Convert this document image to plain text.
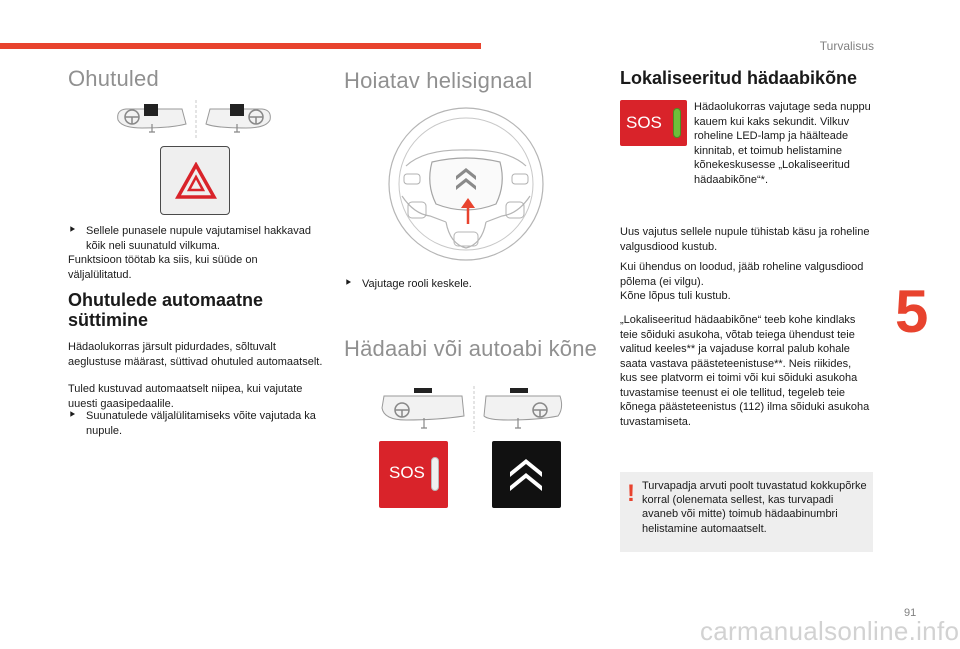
Turvalisus
5
Ohutuled
⯈ Sellele punasele nupule vajutamisel hakkavad kõik neli suunatuld vilkuma.
Funktsioon töötab ka siis, kui süüde on väljalülitatud.
Ohutulede automaatne
süttimine
Hädaolukorras järsult pidurdades, sõltuvalt aeglustuse määrast, süttivad ohutuled automaatselt.
Tuled kustuvad automaatselt niipea, kui vajutate uuesti gaasipedaalile.
⯈ Suunatulede väljalülitamiseks võite vajutada ka nupule.
Hoiatav helisignaal
⯈ Vajutage rooli keskele.
Hädaabi või autoabi kõne
SOS
Lokaliseeritud hädaabikõne
SOS
Hädaolukorras vajutage seda nuppu kauem kui kaks sekundit. Vilkuv roheline LED-lamp ja häälteade kinnitab, et toimub helistamine kõnekeskusesse „Lokaliseeritud hädaabikõne“*.
Uus vajutus sellele nupule tühistab käsu ja roheline valgusdiood kustub.
Kui ühendus on loodud, jääb roheline valgusdiood põlema (ei vilgu).
Kõne lõpus tuli kustub.
„Lokaliseeritud hädaabikõne“ teeb kohe kindlaks teie sõiduki asukoha, võtab teiega ühendust teie valitud keeles** ja vajaduse korral palub kohale saata vastava päästeteenistuse**. Neis riikides, kus see platvorm ei toimi või kui sõiduki asukoha tuvastamise teenust ei ole tellitud, tegeleb teie kõnega päästeteenistus (112) ilma sõiduki asukoha tuvastamiseta.
! Turvapadja arvuti poolt tuvastatud kokkupõrke korral (olenemata sellest, kas turvapadi avaneb või mitte) toimub hädaabinumbri helistamine automaatselt.
91
carmanualsonline.info
